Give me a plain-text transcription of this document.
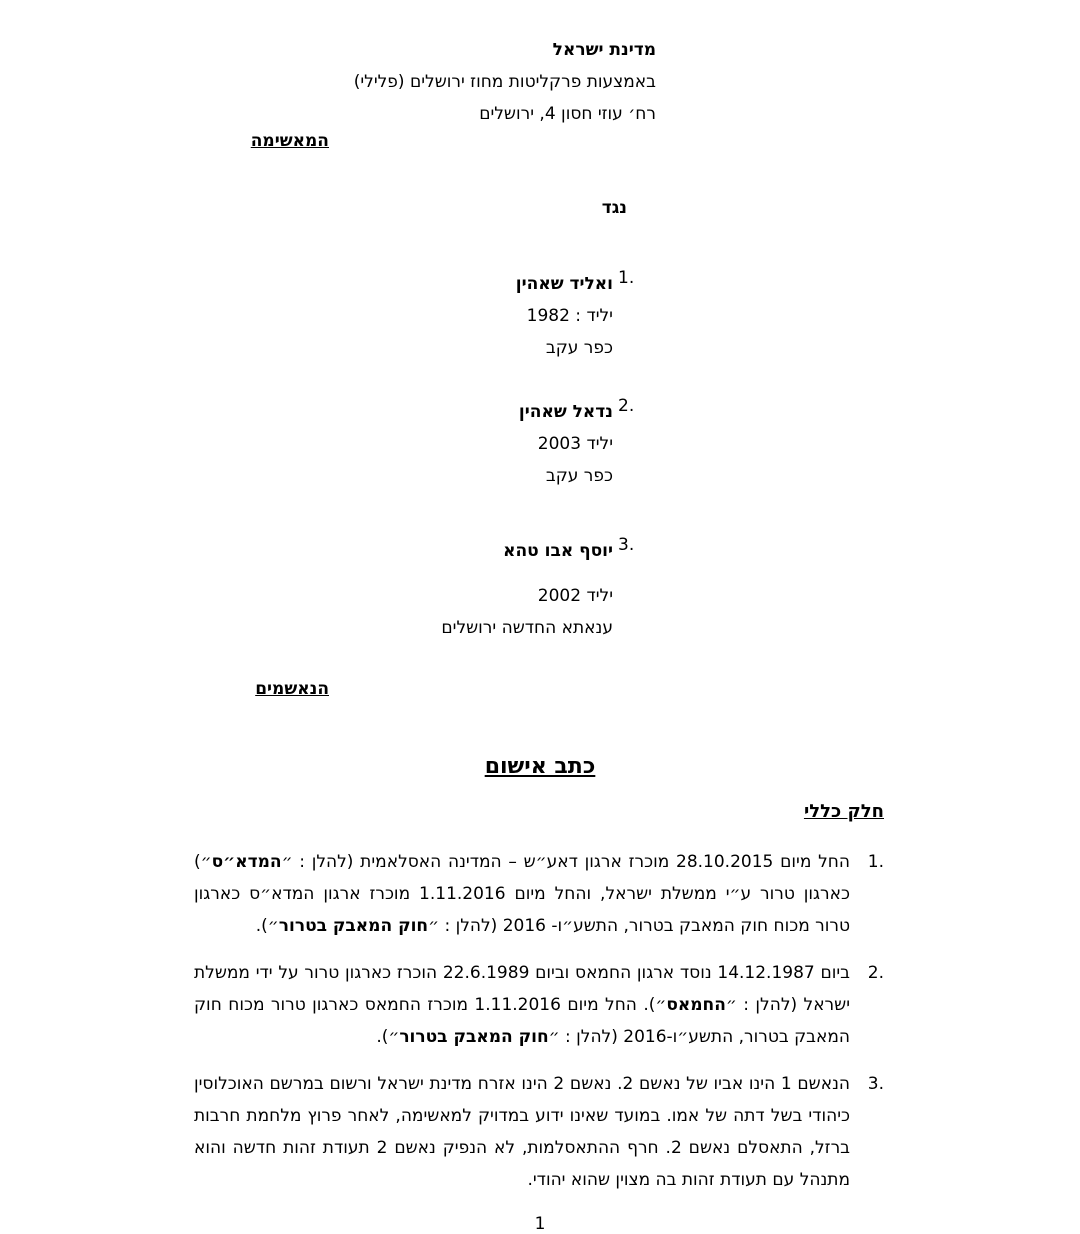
מדינת ישראל
באמצעות פרקליטות מחוז ירושלים (פלילי)
רח׳ עוזי חסון 4, ירושלים
המאשימה
נגד
ואליד שאהין
יליד : 1982
כפר עקב
1.
נדאל שאהין
יליד 2003
כפר עקב
2.
יוסף אבו טהא
יליד 2002
ענאתא החדשה ירושלים
3.
הנאשמים
כתב אישום
חלק כללי
.1
החל מיום 28.10.2015 מוכרז ארגון דאע״ש – המדינה האסלאמית (להלן : ״המדא״ס״) כארגון טרור ע״י ממשלת ישראל, והחל מיום 1.11.2016 מוכרז ארגון המדא״ס כארגון טרור מכוח חוק המאבק בטרור, התשע״ו- 2016 (להלן : ״חוק המאבק בטרור״).
.2
ביום 14.12.1987 נוסד ארגון החמאס וביום 22.6.1989 הוכרז כארגון טרור על ידי ממשלת ישראל (להלן : ״החמאס״). החל מיום 1.11.2016 מוכרז החמאס כארגון טרור מכוח חוק המאבק בטרור, התשע״ו-2016 (להלן : ״חוק המאבק בטרור״).
.3
הנאשם 1 הינו אביו של נאשם 2. נאשם 2 הינו אזרח מדינת ישראל ורשום במרשם האוכלוסין כיהודי בשל דתה של אמו. במועד שאינו ידוע במדויק למאשימה, לאחר פרוץ מלחמת חרבות ברזל, התאסלם נאשם 2. חרף ההתאסלמות, לא הנפיק נאשם 2 תעודת זהות חדשה והוא מתנהל עם תעודת זהות בה מצוין שהוא יהודי.
1
